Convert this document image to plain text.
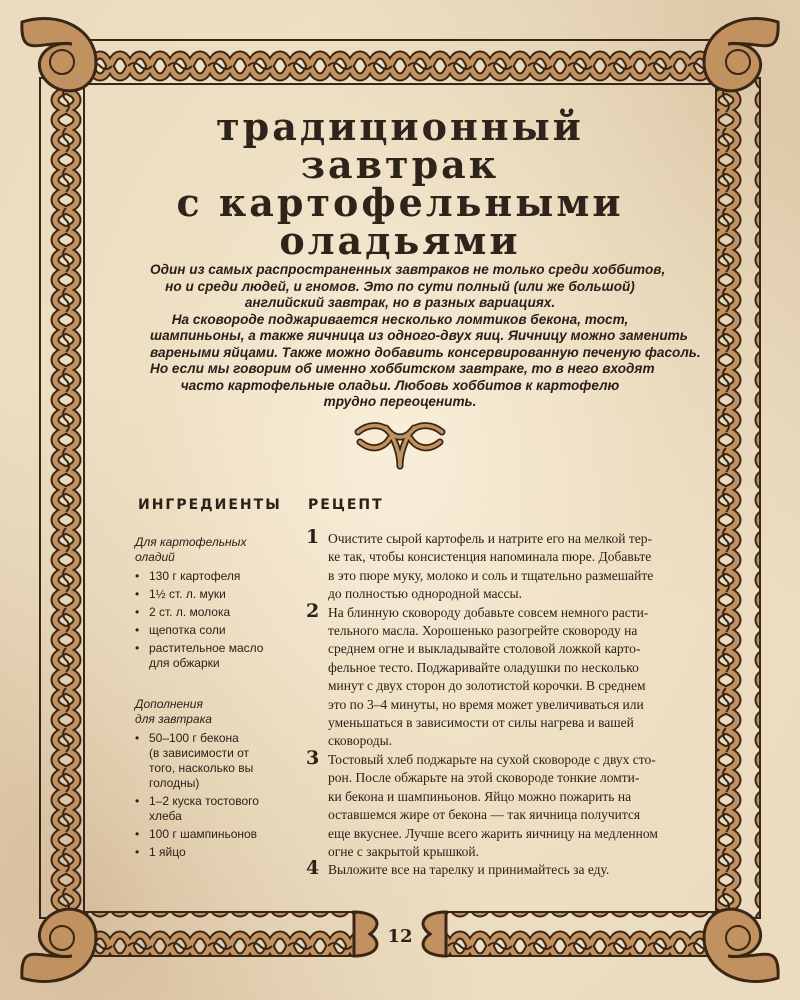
традиционный
завтрак
с картофельными
оладьями

Один из самых распространенных завтраков не только среди хоббитов,
но и среди людей, и гномов. Это по сути полный (или же большой)
английский завтрак, но в разных вариациях.
На сковороде поджаривается несколько ломтиков бекона, тост,
шампиньоны, а также яичница из одного-двух яиц. Яичницу можно заменить
вареными яйцами. Также можно добавить консервированную печеную фасоль.
Но если мы говорим об именно хоббитском завтраке, то в него входят
часто картофельные оладьи. Любовь хоббитов к картофелю
трудно переоценить.

ИНГРЕДИЕНТЫ РЕЦЕПТ
Для картофельных
оладий
• 130 г картофеля
• 1½ ст. л. муки
• 2 ст. л. молока
• щепотка соли
• растительное масло
для обжарки
Дополнения
для завтрака
• 50–100 г бекона
(в зависимости от
того, насколько вы
голодны)
• 1–2 куска тостового
хлеба
• 100 г шампиньонов
• 1 яйцо
1 Очистите сырой картофель и натрите его на мелкой тер-
ке так, чтобы консистенция напоминала пюре. Добавьте
в это пюре муку, молоко и соль и тщательно размешайте
до полностью однородной массы.
2 На блинную сковороду добавьте совсем немного расти-
тельного масла. Хорошенько разогрейте сковороду на
среднем огне и выкладывайте столовой ложкой карто-
фельное тесто. Поджаривайте оладушки по несколько
минут с двух сторон до золотистой корочки. В среднем
это по 3–4 минуты, но время может увеличиваться или
уменьшаться в зависимости от силы нагрева и вашей
сковороды.
3 Тостовый хлеб поджарьте на сухой сковороде с двух сто-
рон. После обжарьте на этой сковороде тонкие ломти-
ки бекона и шампиньонов. Яйцо можно пожарить на
оставшемся жире от бекона — так яичница получится
еще вкуснее. Лучше всего жарить яичницу на медленном
огне с закрытой крышкой.
4 Выложите все на тарелку и принимайтесь за еду.
12
